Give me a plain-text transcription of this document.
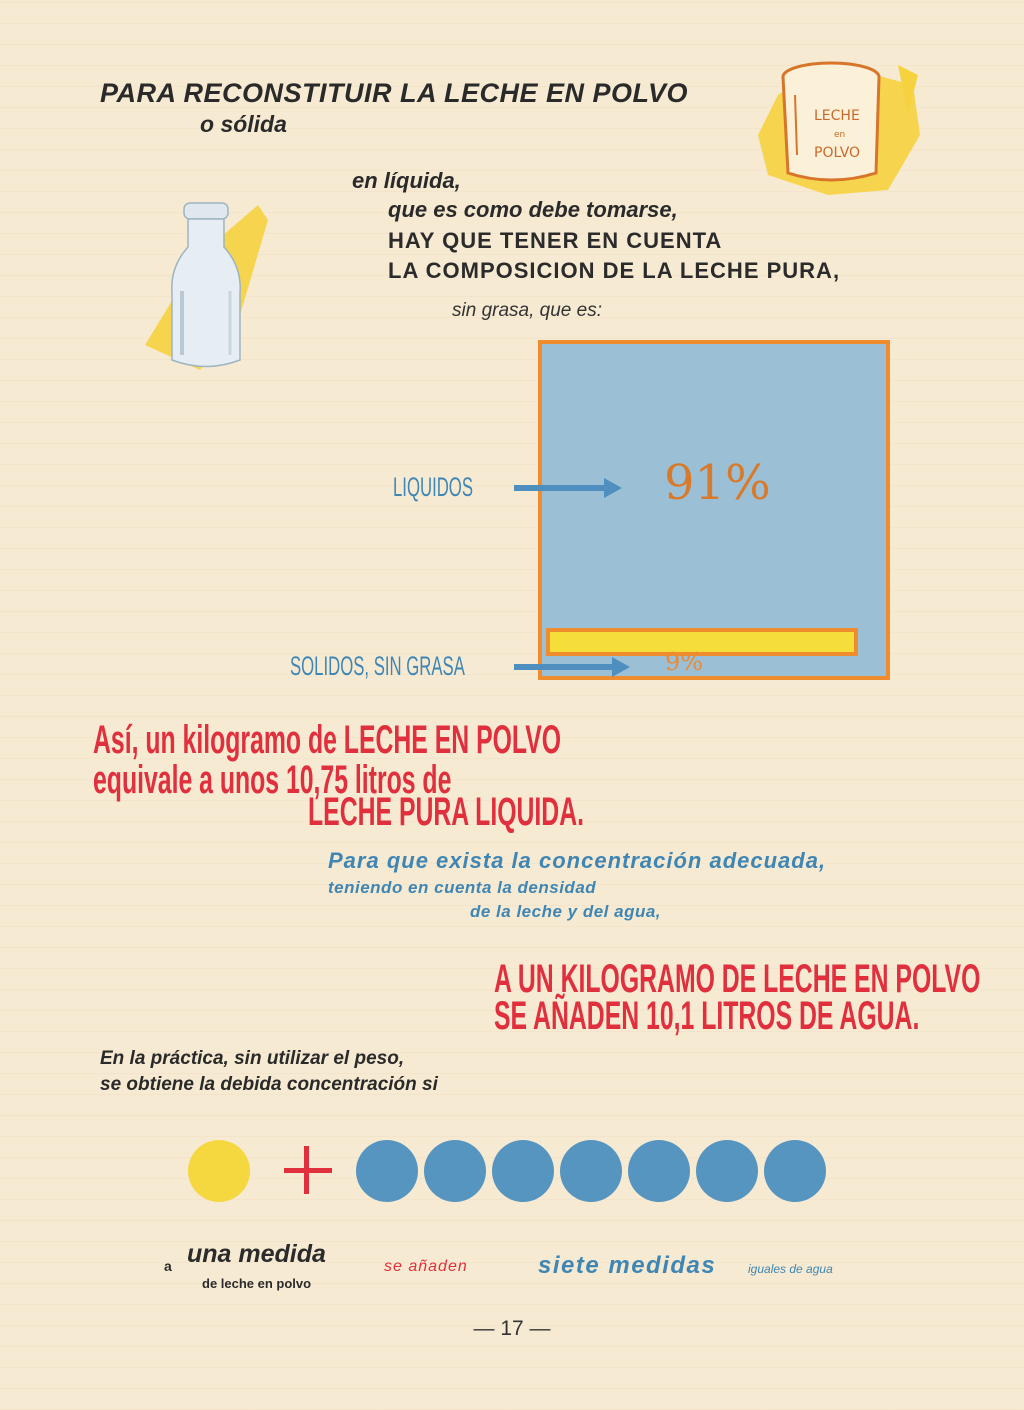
PARA RECONSTITUIR LA LECHE EN POLVO
o sólida	LECHE
en
POLVO
en líquida,
que es como debe tomarse,
HAY QUE TENER EN CUENTA
LA COMPOSICION DE LA LECHE PURA,
sin grasa, que es:
91%
9%
LIQUIDOS
SOLIDOS, SIN GRASA
Así, un kilogramo de LECHE EN POLVO
equivale a unos 10,75 litros de
LECHE PURA LIQUIDA.
Para que exista la concentración adecuada,
teniendo en cuenta la densidad
de la leche y del agua,
A UN KILOGRAMO DE LECHE EN POLVO
SE AÑADEN 10,1 LITROS DE AGUA.
En la práctica, sin utilizar el peso,
se obtiene la debida concentración si
a una medida
de leche en polvo
se añaden	siete medidas	iguales de agua
— 17 —
